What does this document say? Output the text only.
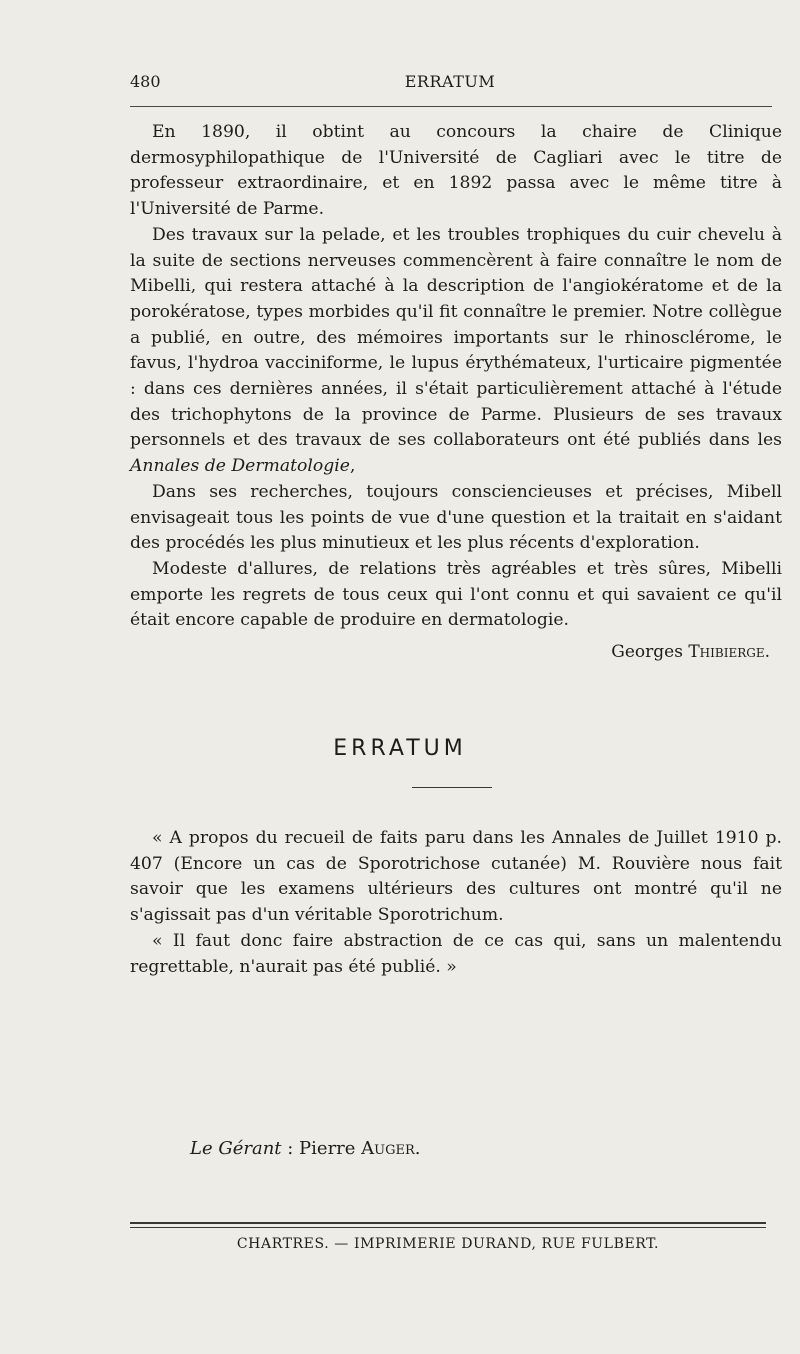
480	ERRATUM

En 1890, il obtint au concours la chaire de Clinique dermosyphilopathique de l'Université de Cagliari avec le titre de professeur extraordinaire, et en 1892 passa avec le même titre à l'Université de Parme.

Des travaux sur la pelade, et les troubles trophiques du cuir chevelu à la suite de sections nerveuses commencèrent à faire connaître le nom de Mibelli, qui restera attaché à la description de l'angiokératome et de la porokératose, types morbides qu'il fit connaître le premier. Notre collègue a publié, en outre, des mémoires importants sur le rhinosclérome, le favus, l'hydroa vacciniforme, le lupus érythémateux, l'urticaire pigmentée : dans ces dernières années, il s'était particulièrement attaché à l'étude des trichophytons de la province de Parme. Plusieurs de ses travaux personnels et des travaux de ses collaborateurs ont été publiés dans les Annales de Dermatologie,

Dans ses recherches, toujours consciencieuses et précises, Mibell envisageait tous les points de vue d'une question et la traitait en s'aidant des procédés les plus minutieux et les plus récents d'exploration.

Modeste d'allures, de relations très agréables et très sûres, Mibelli emporte les regrets de tous ceux qui l'ont connu et qui savaient ce qu'il était encore capable de produire en dermatologie.

Georges Thibierge.
ERRATUM

« A propos du recueil de faits paru dans les Annales de Juillet 1910 p. 407 (Encore un cas de Sporotrichose cutanée) M. Rouvière nous fait savoir que les examens ultérieurs des cultures ont montré qu'il ne s'agissait pas d'un véritable Sporotrichum.

« Il faut donc faire abstraction de ce cas qui, sans un malentendu regrettable, n'aurait pas été publié. »

Le Gérant : Pierre Auger.
CHARTRES. — IMPRIMERIE DURAND, RUE FULBERT.
